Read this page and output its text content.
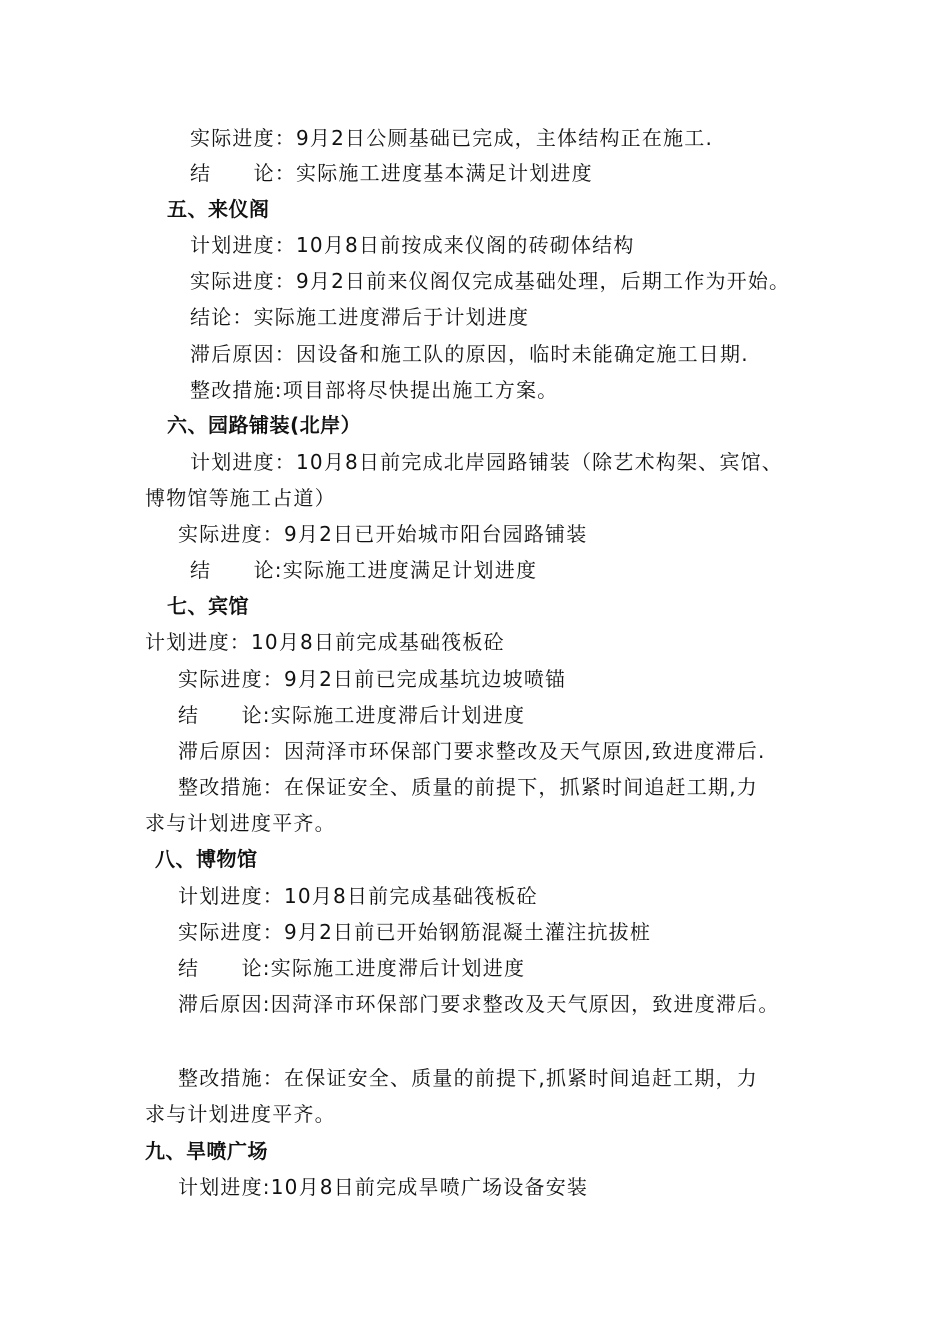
实际进度：9月2日公厕基础已完成，主体结构正在施工.
结　　论：实际施工进度基本满足计划进度
五、来仪阁
计划进度：10月8日前按成来仪阁的砖砌体结构
实际进度：9月2日前来仪阁仅完成基础处理，后期工作为开始。
结论：实际施工进度滞后于计划进度
滞后原因：因设备和施工队的原因，临时未能确定施工日期.
整改措施:项目部将尽快提出施工方案。
六、园路铺装(北岸）
计划进度：10月8日前完成北岸园路铺装（除艺术构架、宾馆、
博物馆等施工占道）
实际进度：9月2日已开始城市阳台园路铺装
结　　论:实际施工进度满足计划进度
七、宾馆
计划进度：10月8日前完成基础筏板砼
实际进度：9月2日前已完成基坑边坡喷锚
结　　论:实际施工进度滞后计划进度
滞后原因：因菏泽市环保部门要求整改及天气原因,致进度滞后.
整改措施：在保证安全、质量的前提下，抓紧时间追赶工期,力
求与计划进度平齐。
八、博物馆
计划进度：10月8日前完成基础筏板砼
实际进度：9月2日前已开始钢筋混凝土灌注抗拔桩
结　　论:实际施工进度滞后计划进度
滞后原因:因菏泽市环保部门要求整改及天气原因，致进度滞后。
整改措施：在保证安全、质量的前提下,抓紧时间追赶工期，力
求与计划进度平齐。
九、旱喷广场
计划进度:10月8日前完成旱喷广场设备安装
